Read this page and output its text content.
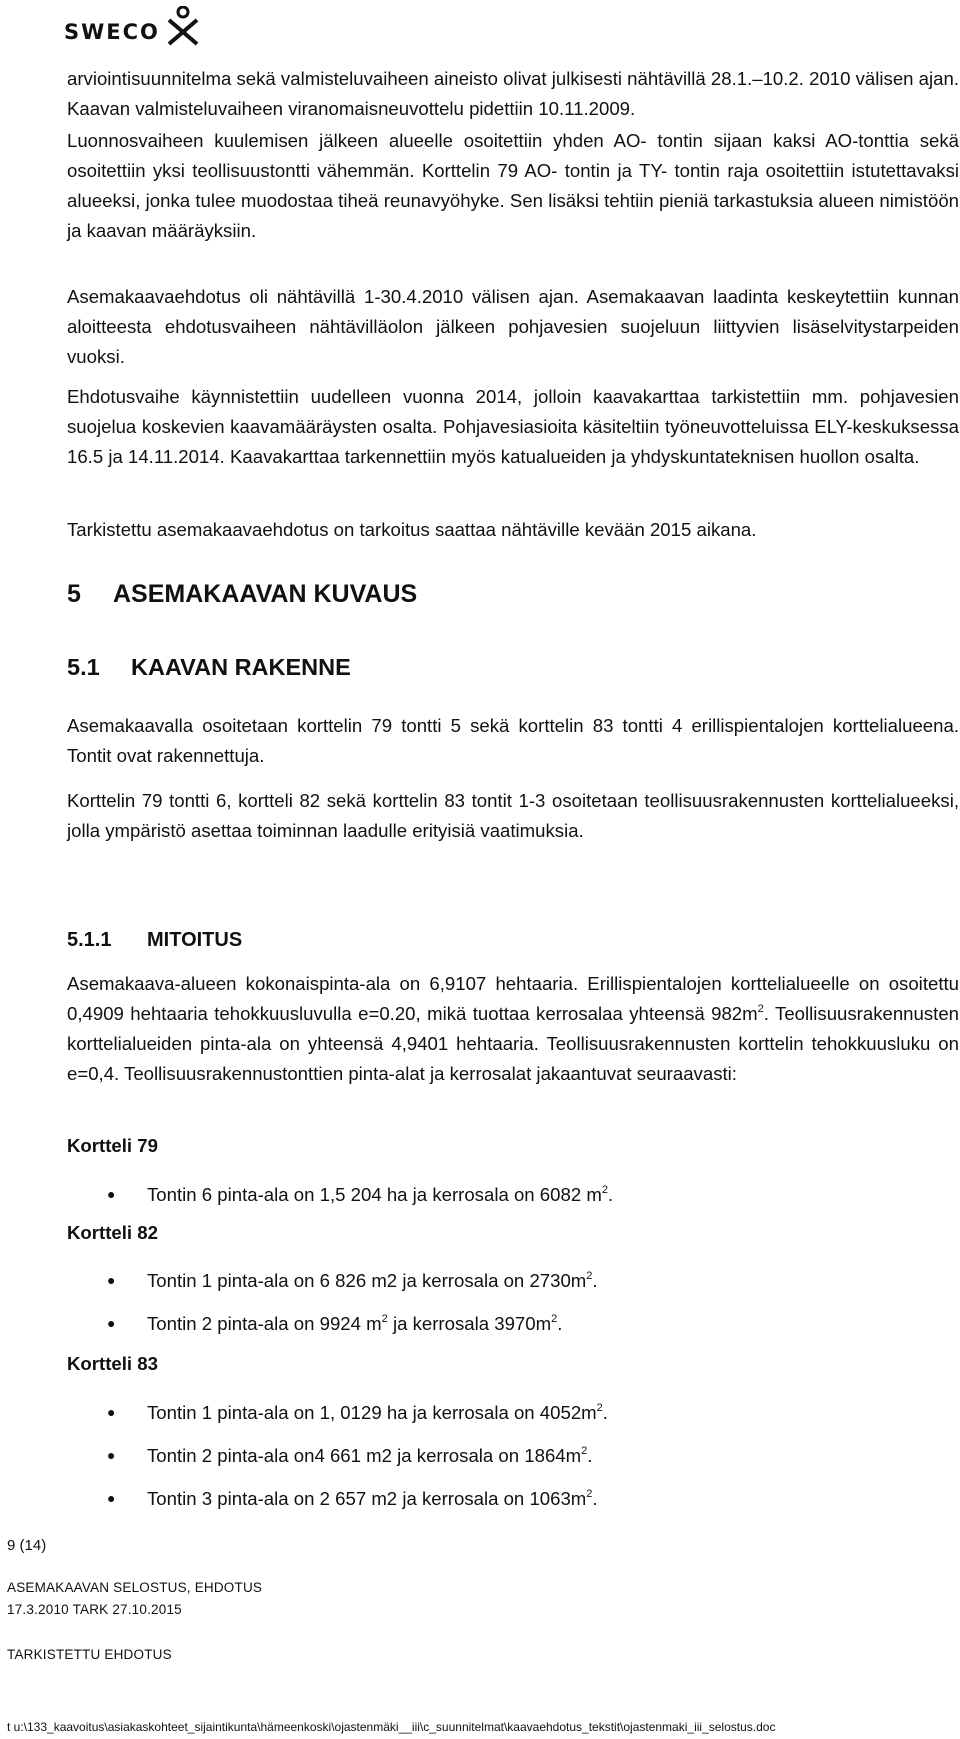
SWECO

arviointisuunnitelma sekä valmisteluvaiheen aineisto olivat julkisesti nähtävillä 28.1.–10.2. 2010 välisen ajan. Kaavan valmisteluvaiheen viranomaisneuvottelu pidettiin 10.11.2009.

Luonnosvaiheen kuulemisen jälkeen alueelle osoitettiin yhden AO- tontin sijaan kaksi AO-tonttia sekä osoitettiin yksi teollisuustontti vähemmän. Korttelin 79 AO- tontin ja TY- tontin raja osoitettiin istutettavaksi alueeksi, jonka tulee muodostaa tiheä reunavyöhyke. Sen lisäksi tehtiin pieniä tarkastuksia alueen nimistöön ja kaavan määräyksiin.

Asemakaavaehdotus oli nähtävillä 1-30.4.2010 välisen ajan. Asemakaavan laadinta keskeytettiin kunnan aloitteesta ehdotusvaiheen nähtävilläolon jälkeen pohjavesien suojeluun liittyvien lisäselvitystarpeiden vuoksi.

Ehdotusvaihe käynnistettiin uudelleen vuonna 2014, jolloin kaavakarttaa tarkistettiin mm. pohjavesien suojelua koskevien kaavamääräysten osalta. Pohjavesiasioita käsiteltiin työneuvotteluissa ELY-keskuksessa 16.5 ja 14.11.2014. Kaavakarttaa tarkennettiin myös katualueiden ja yhdyskuntateknisen huollon osalta.

Tarkistettu asemakaavaehdotus on tarkoitus saattaa nähtäville kevään 2015 aikana.

5 ASEMAKAAVAN KUVAUS
5.1 KAAVAN RAKENNE

Asemakaavalla osoitetaan korttelin 79 tontti 5 sekä korttelin 83 tontti 4 erillispientalojen korttelialueena. Tontit ovat rakennettuja.

Korttelin 79 tontti 6, kortteli 82 sekä korttelin 83 tontit 1-3 osoitetaan teollisuusrakennusten korttelialueeksi, jolla ympäristö asettaa toiminnan laadulle erityisiä vaatimuksia.

5.1.1 MITOITUS

Asemakaava-alueen kokonaispinta-ala on 6,9107 hehtaaria. Erillispientalojen korttelialueelle on osoitettu 0,4909 hehtaaria tehokkuusluvulla e=0.20, mikä tuottaa kerrosalaa yhteensä $982m^2$. Teollisuusrakennusten korttelialueiden pinta-ala on yhteensä 4,9401 hehtaaria. Teollisuusrakennusten korttelin tehokkuusluku on e=0,4. Teollisuusrakennustonttien pinta-alat ja kerrosalat jakaantuvat seuraavasti:

Kortteli 79

● Tontin 6 pinta-ala on 1,5 204 ha ja kerrosala on 6082 $m^2$.

Kortteli 82

● Tontin 1 pinta-ala on 6 826 m2 ja kerrosala on $2730m^2$.
● Tontin 2 pinta-ala on 9924 $m^2$ ja kerrosala $3970m^2$.

Kortteli 83

● Tontin 1 pinta-ala on 1, 0129 ha ja kerrosala on $4052m^2$.
● Tontin 2 pinta-ala on4 661 m2 ja kerrosala on $1864m^2$.
● Tontin 3 pinta-ala on 2 657 m2 ja kerrosala on $1063m^2$.
9 (14)
ASEMAKAAVAN SELOSTUS, EHDOTUS
17.3.2010 TARK 27.10.2015
TARKISTETTU EHDOTUS
t u:\133_kaavoitus\asiakaskohteet_sijaintikunta\hämeenkoski\ojastenmäki__iii\c_suunnitelmat\kaavaehdotus_tekstit\ojastenmaki_iii_selostus.doc
